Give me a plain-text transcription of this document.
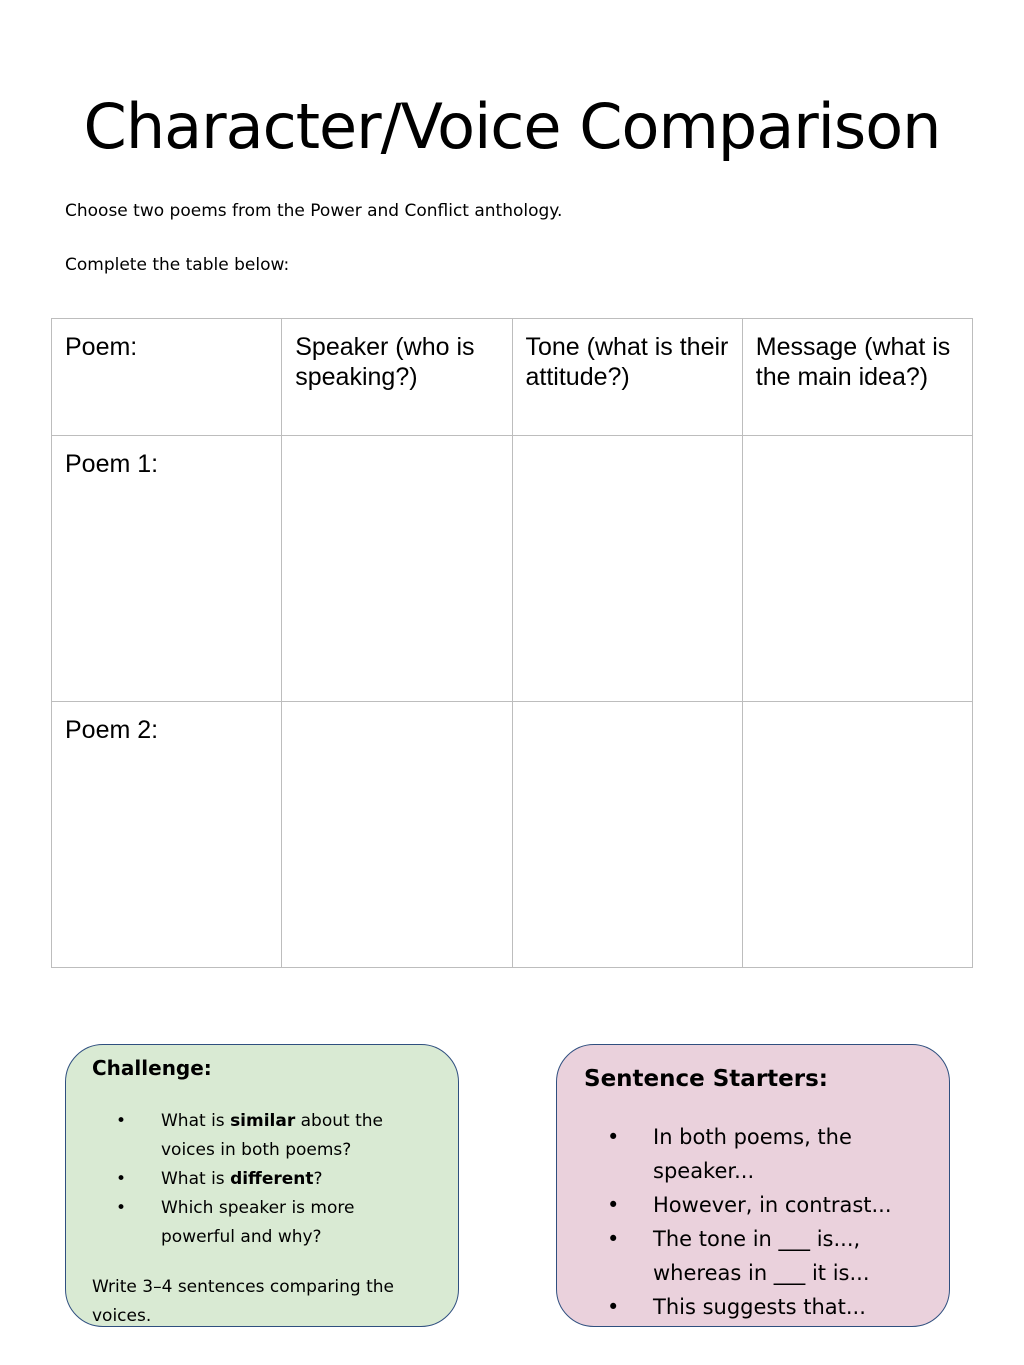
Character/Voice Comparison
Choose two poems from the Power and Conflict anthology.
Complete the table below:
Poem:	Speaker (who is speaking?)	Tone (what is their attitude?)	Message (what is the main idea?)
Poem 1:			
Poem 2:			
Challenge:
• What is similar about the voices in both poems?
• What is different?
• Which speaker is more powerful and why?
Write 3–4 sentences comparing the voices.
Sentence Starters:
• In both poems, the speaker...
• However, in contrast...
• The tone in ___ is..., whereas in ___ it is...
• This suggests that...
